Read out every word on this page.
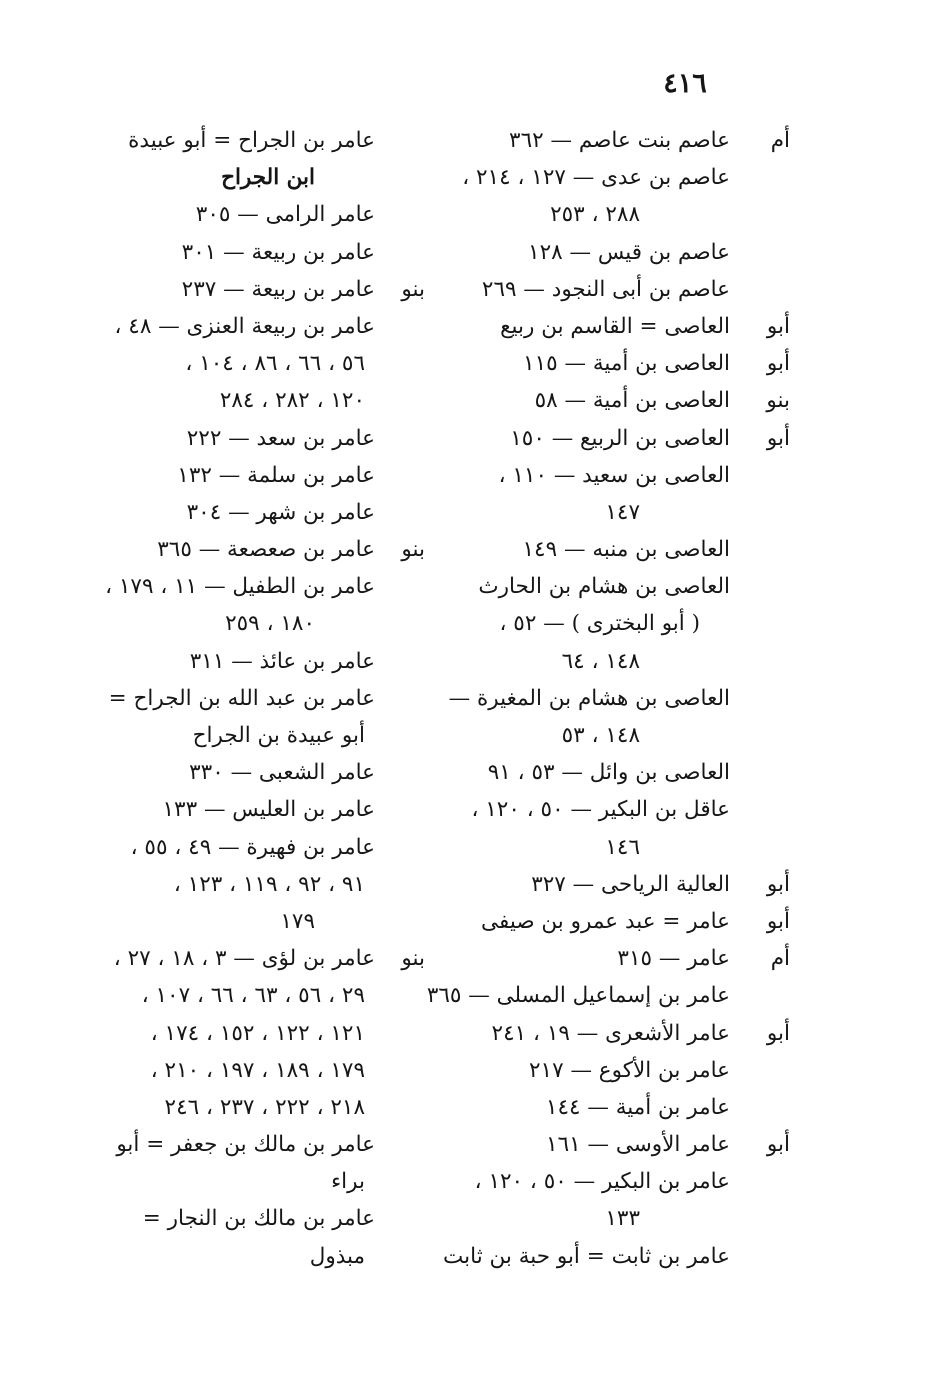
٤١٦
أم
عاصم بنت عاصم — ٣٦٢
عاصم بن عدى — ١٢٧ ، ٢١٤ ،
٢٨٨ ، ٢٥٣
عاصم بن قيس — ١٢٨
عاصم بن أبى النجود — ٢٦٩
أبو
العاصى = القاسم بن ربيع
أبو
العاصى بن أمية — ١١٥
بنو
العاصى بن أمية — ٥٨
أبو
العاصى بن الربيع — ١٥٠
العاصى بن سعيد — ١١٠ ،
١٤٧
العاصى بن منبه — ١٤٩
العاصى بن هشام بن الحارث
( أبو البخترى ) — ٥٢ ،
١٤٨ ، ٦٤
العاصى بن هشام بن المغيرة —
١٤٨ ، ٥٣
العاصى بن وائل — ٥٣ ، ٩١
عاقل بن البكير — ٥٠ ، ١٢٠ ،
١٤٦
أبو
العالية الرياحى — ٣٢٧
أبو
عامر = عبد عمرو بن صيفى
أم
عامر — ٣١٥
عامر بن إسماعيل المسلى — ٣٦٥
أبو
عامر الأشعرى — ١٩ ، ٢٤١
عامر بن الأكوع — ٢١٧
عامر بن أمية — ١٤٤
أبو
عامر الأوسى — ١٦١
عامر بن البكير — ٥٠ ، ١٢٠ ،
١٣٣
عامر بن ثابت = أبو حبة بن ثابت
عامر بن الجراح = أبو عبيدة
ابن الجراح
عامر الرامى — ٣٠٥
عامر بن ربيعة — ٣٠١
بنو
عامر بن ربيعة — ٢٣٧
عامر بن ربيعة العنزى — ٤٨ ،
٥٦ ، ٦٦ ، ٨٦ ، ١٠٤ ،
١٢٠ ، ٢٨٢ ، ٢٨٤
عامر بن سعد — ٢٢٢
عامر بن سلمة — ١٣٢
عامر بن شهر — ٣٠٤
بنو
عامر بن صعصعة — ٣٦٥
عامر بن الطفيل — ١١ ، ١٧٩ ،
١٨٠ ، ٢٥٩
عامر بن عائذ — ٣١١
عامر بن عبد الله بن الجراح =
أبو عبيدة بن الجراح
عامر الشعبى — ٣٣٠
عامر بن العليس — ١٣٣
عامر بن فهيرة — ٤٩ ، ٥٥ ،
٩١ ، ٩٢ ، ١١٩ ، ١٢٣ ،
١٧٩
بنو
عامر بن لؤى — ٣ ، ١٨ ، ٢٧ ،
٢٩ ، ٥٦ ، ٦٣ ، ٦٦ ، ١٠٧ ،
١٢١ ، ١٢٢ ، ١٥٢ ، ١٧٤ ،
١٧٩ ، ١٨٩ ، ١٩٧ ، ٢١٠ ،
٢١٨ ، ٢٢٢ ، ٢٣٧ ، ٢٤٦
عامر بن مالك بن جعفر = أبو
براء
عامر بن مالك بن النجار =
مبذول
